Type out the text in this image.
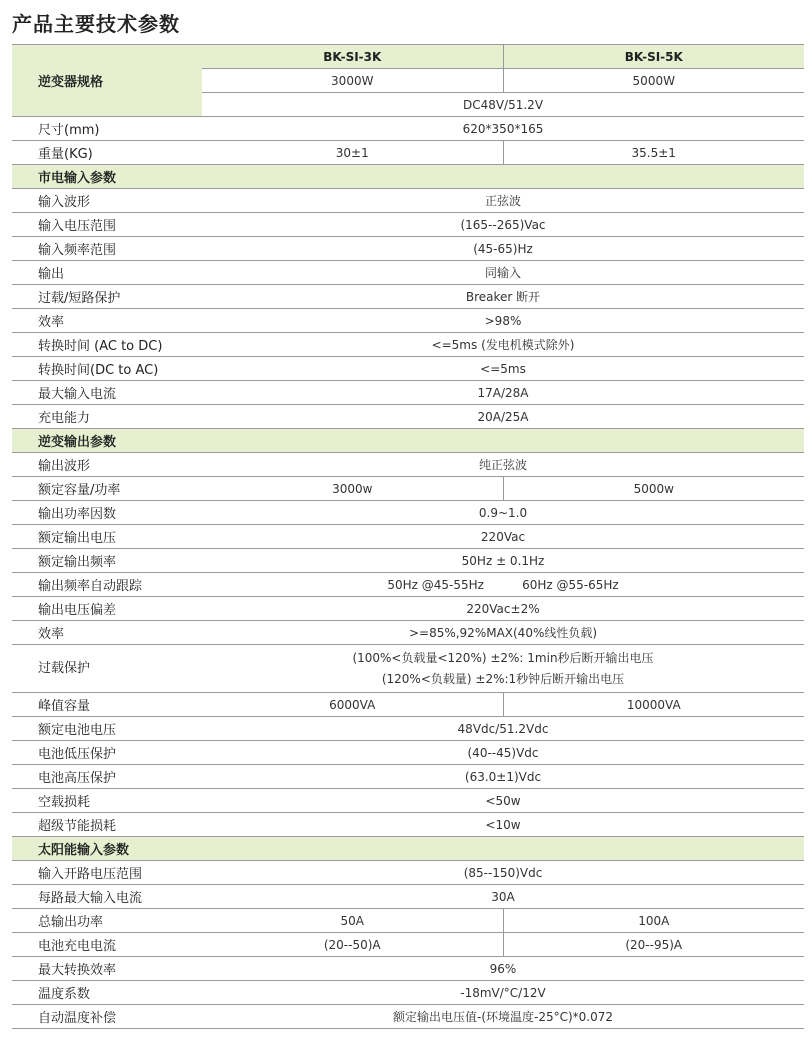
产品主要技术参数
逆变器规格	BK-SI-3K	BK-SI-5K
	3000W	5000W
	DC48V/51.2V	
尺寸(mm)	620*350*165	
重量(KG)	30±1	35.5±1
市电输入参数		
输入波形	正弦波	
输入电压范围	(165--265)Vac	
输入频率范围	(45-65)Hz	
输出	同输入	
过载/短路保护	Breaker 断开	
效率	>98%	
转换时间 (AC to DC)	<=5ms (发电机模式除外)	
转换时间(DC to AC)	<=5ms	
最大输入电流	17A/28A	
充电能力	20A/25A	
逆变输出参数		
输出波形	纯正弦波	
额定容量/功率	3000w	5000w
输出功率因数	0.9~1.0	
额定输出电压	220Vac	
额定输出频率	50Hz ± 0.1Hz	
输出频率自动跟踪	50Hz @45-55Hz          60Hz @55-65Hz	
输出电压偏差	220Vac±2%	
效率	>=85%,92%MAX(40%线性负载)	
过载保护	(100%<负载量<120%) ±2%: 1min秒后断开输出电压
(120%<负载量) ±2%:1秒钟后断开输出电压	

峰值容量	6000VA	10000VA
额定电池电压	48Vdc/51.2Vdc	
电池低压保护	(40--45)Vdc	
电池高压保护	(63.0±1)Vdc	
空载损耗	<50w	
超级节能损耗	<10w	
太阳能输入参数		
输入开路电压范围	(85--150)Vdc	
每路最大输入电流	30A	
总输出功率	50A	100A
电池充电电流	(20--50)A	(20--95)A
最大转换效率	96%	
温度系数	-18mV/°C/12V	
自动温度补偿	额定输出电压值-(环境温度-25°C)*0.072	
